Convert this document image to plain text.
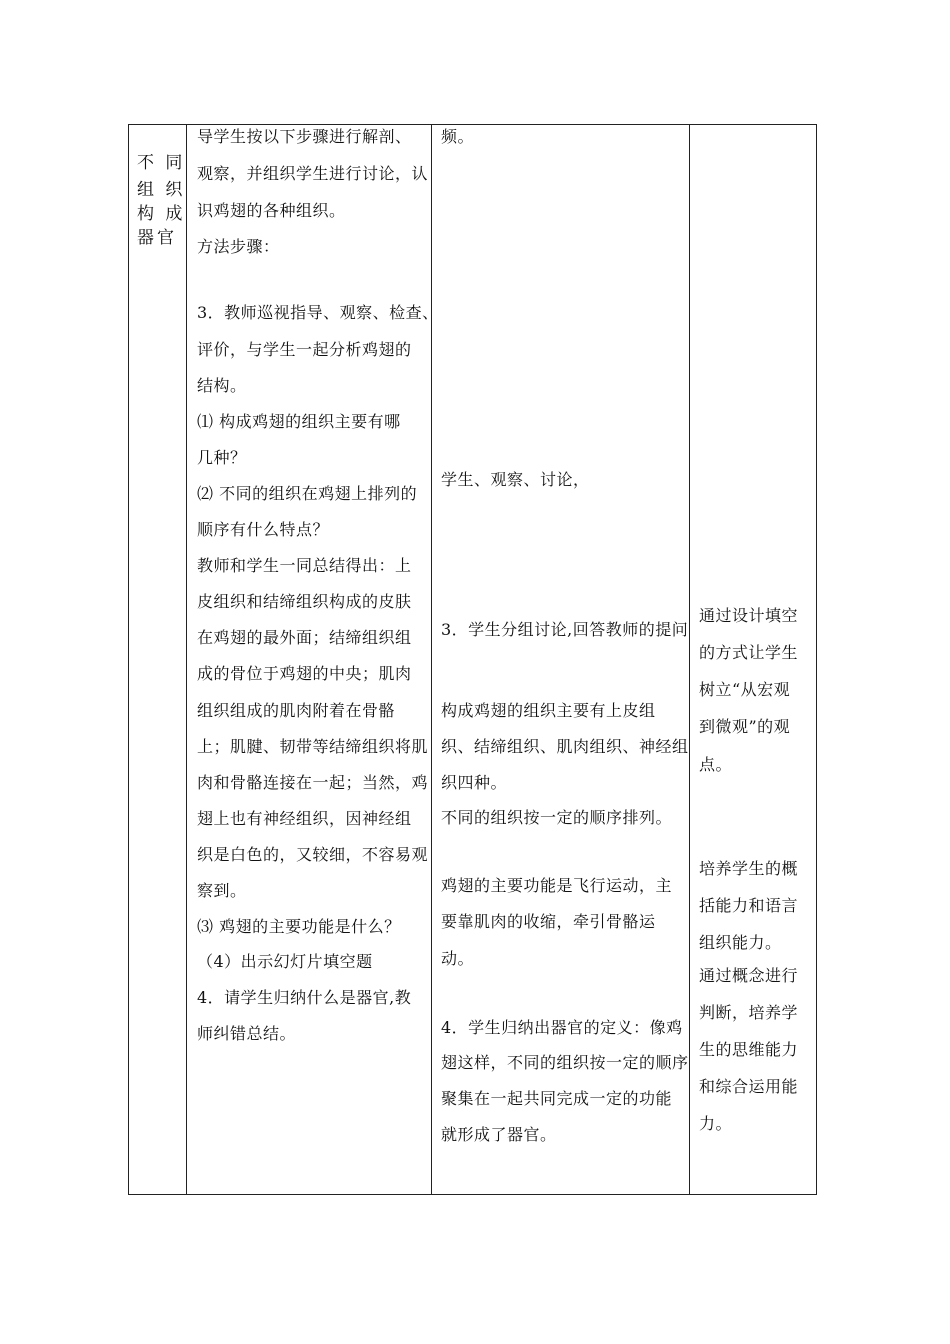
不 同
组 织
构 成
器官
导学生按以下步骤进行解剖、
观察，并组织学生进行讨论，认
识鸡翅的各种组织。
方法步骤：
3．教师巡视指导、观察、检查、
评价，与学生一起分析鸡翅的
结构。
⑴ 构成鸡翅的组织主要有哪
几种？
⑵ 不同的组织在鸡翅上排列的
顺序有什么特点？
教师和学生一同总结得出：上
皮组织和结缔组织构成的皮肤
在鸡翅的最外面；结缔组织组
成的骨位于鸡翅的中央；肌肉
组织组成的肌肉附着在骨骼
上；肌腱、韧带等结缔组织将肌
肉和骨骼连接在一起；当然，鸡
翅上也有神经组织，因神经组
织是白色的，又较细，不容易观
察到。
⑶ 鸡翅的主要功能是什么？
（4）出示幻灯片填空题
4．请学生归纳什么是器官,教
师纠错总结。
频。
学生、观察、讨论，
3．学生分组讨论,回答教师的提问
构成鸡翅的组织主要有上皮组
织、结缔组织、肌肉组织、神经组
织四种。
不同的组织按一定的顺序排列。
鸡翅的主要功能是飞行运动，主
要靠肌肉的收缩，牵引骨骼运
动。
4．学生归纳出器官的定义：像鸡
翅这样，不同的组织按一定的顺序
聚集在一起共同完成一定的功能
就形成了器官。
通过设计填空
的方式让学生
树立“从宏观
到微观”的观
点。
培养学生的概
括能力和语言
组织能力。
通过概念进行
判断，培养学
生的思维能力
和综合运用能
力。
